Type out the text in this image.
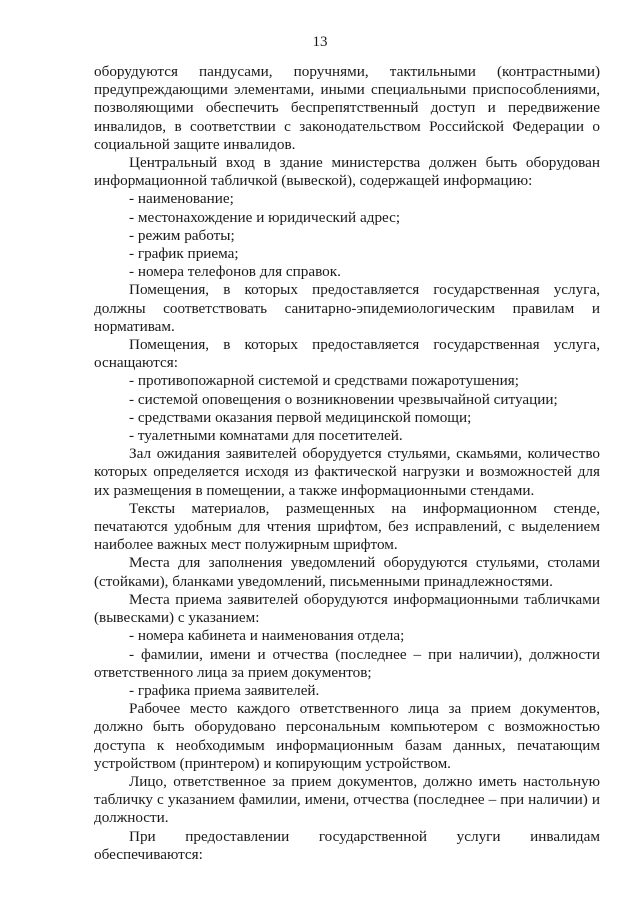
13

оборудуются пандусами, поручнями, тактильными (контрастными) предупреждающими элементами, иными специальными приспособлениями, позволяющими обеспечить беспрепятственный доступ и передвижение инвалидов, в соответствии с законодательством Российской Федерации о социальной защите инвалидов.

Центральный вход в здание министерства должен быть оборудован информационной табличкой (вывеской), содержащей информацию:

- наименование;

- местонахождение и юридический адрес;

- режим работы;

- график приема;

- номера телефонов для справок.

Помещения, в которых предоставляется государственная услуга, должны соответствовать санитарно-эпидемиологическим правилам и нормативам.

Помещения, в которых предоставляется государственная услуга, оснащаются:

- противопожарной системой и средствами пожаротушения;

- системой оповещения о возникновении чрезвычайной ситуации;

- средствами оказания первой медицинской помощи;

- туалетными комнатами для посетителей.

Зал ожидания заявителей оборудуется стульями, скамьями, количество которых определяется исходя из фактической нагрузки и возможностей для их размещения в помещении, а также информационными стендами.

Тексты материалов, размещенных на информационном стенде, печатаются удобным для чтения шрифтом, без исправлений, с выделением наиболее важных мест полужирным шрифтом.

Места для заполнения уведомлений оборудуются стульями, столами (стойками), бланками уведомлений, письменными принадлежностями.

Места приема заявителей оборудуются информационными табличками (вывесками) с указанием:

- номера кабинета и наименования отдела;

- фамилии, имени и отчества (последнее – при наличии), должности ответственного лица за прием документов;

- графика приема заявителей.

Рабочее место каждого ответственного лица за прием документов, должно быть оборудовано персональным компьютером с возможностью доступа к необходимым информационным базам данных, печатающим устройством (принтером) и копирующим устройством.

Лицо, ответственное за прием документов, должно иметь настольную табличку с указанием фамилии, имени, отчества (последнее – при наличии) и должности.

При предоставлении государственной услуги инвалидам обеспечиваются:
